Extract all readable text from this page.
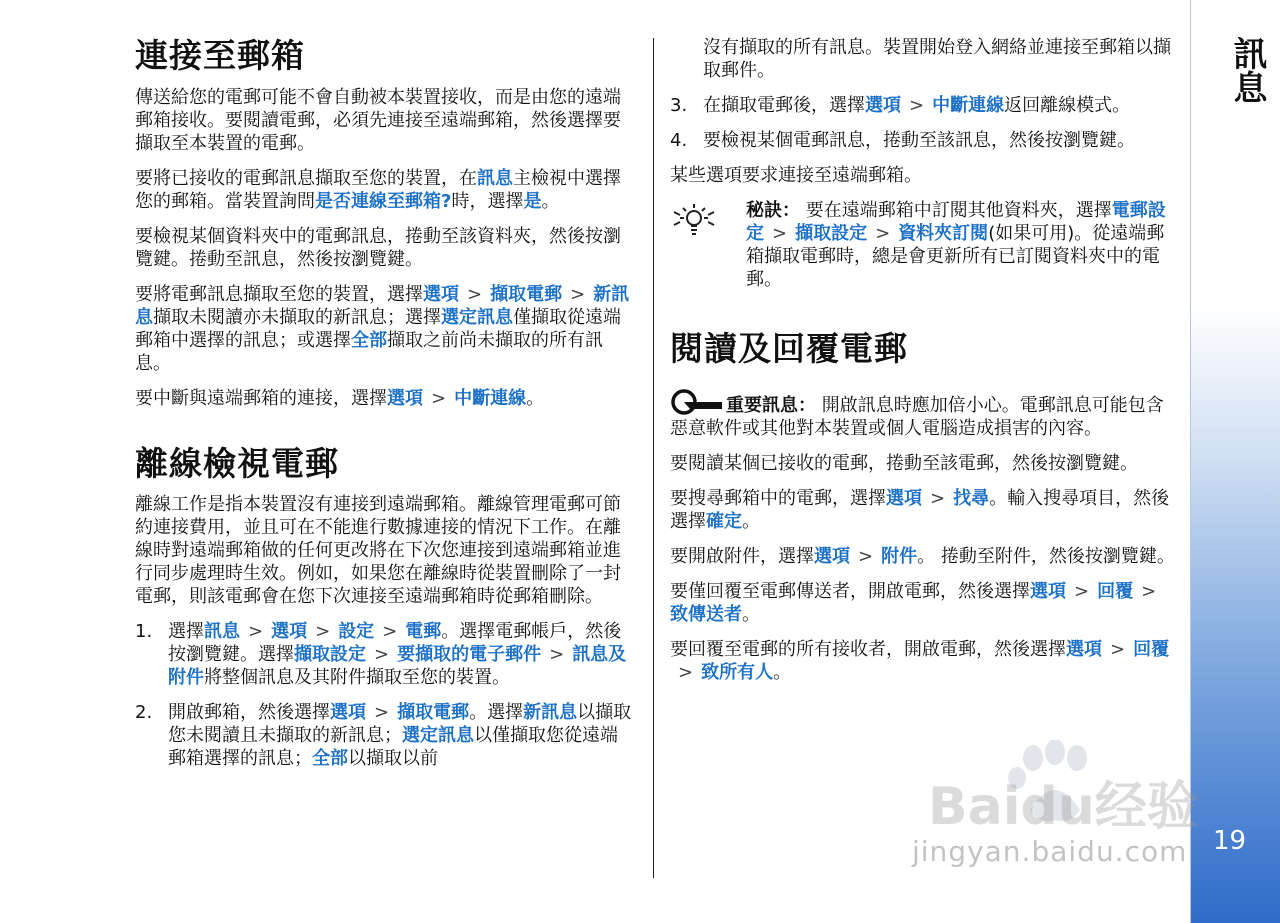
訊息
19
連接至郵箱

傳送給您的電郵可能不會自動被本裝置接收，而是由您的遠端郵箱接收。要閱讀電郵，必須先連接至遠端郵箱，然後選擇要擷取至本裝置的電郵。

要將已接收的電郵訊息擷取至您的裝置，在訊息主檢視中選擇您的郵箱。當裝置詢問是否連線至郵箱?時，選擇是。

要檢視某個資料夾中的電郵訊息，捲動至該資料夾，然後按瀏覽鍵。捲動至訊息，然後按瀏覽鍵。

要將電郵訊息擷取至您的裝置，選擇選項 > 擷取電郵 > 新訊息擷取未閱讀亦未擷取的新訊息；選擇選定訊息僅擷取從遠端郵箱中選擇的訊息；或選擇全部擷取之前尚未擷取的所有訊息。

要中斷與遠端郵箱的連接，選擇選項 > 中斷連線。

離線檢視電郵

離線工作是指本裝置沒有連接到遠端郵箱。離線管理電郵可節約連接費用，並且可在不能進行數據連接的情況下工作。在離線時對遠端郵箱做的任何更改將在下次您連接到遠端郵箱並進行同步處理時生效。例如，如果您在離線時從裝置刪除了一封電郵，則該電郵會在您下次連接至遠端郵箱時從郵箱刪除。

1. 選擇訊息 > 選項 > 設定 > 電郵。選擇電郵帳戶，然後按瀏覽鍵。選擇擷取設定 > 要擷取的電子郵件 > 訊息及附件將整個訊息及其附件擷取至您的裝置。
2. 開啟郵箱，然後選擇選項 > 擷取電郵。選擇新訊息以擷取您未閱讀且未擷取的新訊息；選定訊息以僅擷取您從遠端郵箱選擇的訊息；全部以擷取以前

沒有擷取的所有訊息。裝置開始登入網絡並連接至郵箱以擷取郵件。

3. 在擷取電郵後，選擇選項 > 中斷連線返回離線模式。
4. 要檢視某個電郵訊息，捲動至該訊息，然後按瀏覽鍵。

某些選項要求連接至遠端郵箱。

秘訣： 要在遠端郵箱中訂閱其他資料夾，選擇電郵設定 > 擷取設定 > 資料夾訂閱(如果可用)。從遠端郵箱擷取電郵時，總是會更新所有已訂閱資料夾中的電郵。

閱讀及回覆電郵

重要訊息： 開啟訊息時應加倍小心。電郵訊息可能包含惡意軟件或其他對本裝置或個人電腦造成損害的內容。

要閱讀某個已接收的電郵，捲動至該電郵，然後按瀏覽鍵。

要搜尋郵箱中的電郵，選擇選項 > 找尋。輸入搜尋項目，然後選擇確定。

要開啟附件，選擇選項 > 附件。 捲動至附件，然後按瀏覽鍵。

要僅回覆至電郵傳送者，開啟電郵，然後選擇選項 > 回覆 >致傳送者。

要回覆至電郵的所有接收者，開啟電郵，然後選擇選項 > 回覆> 致所有人。

Baidu经验
jingyan.baidu.com
